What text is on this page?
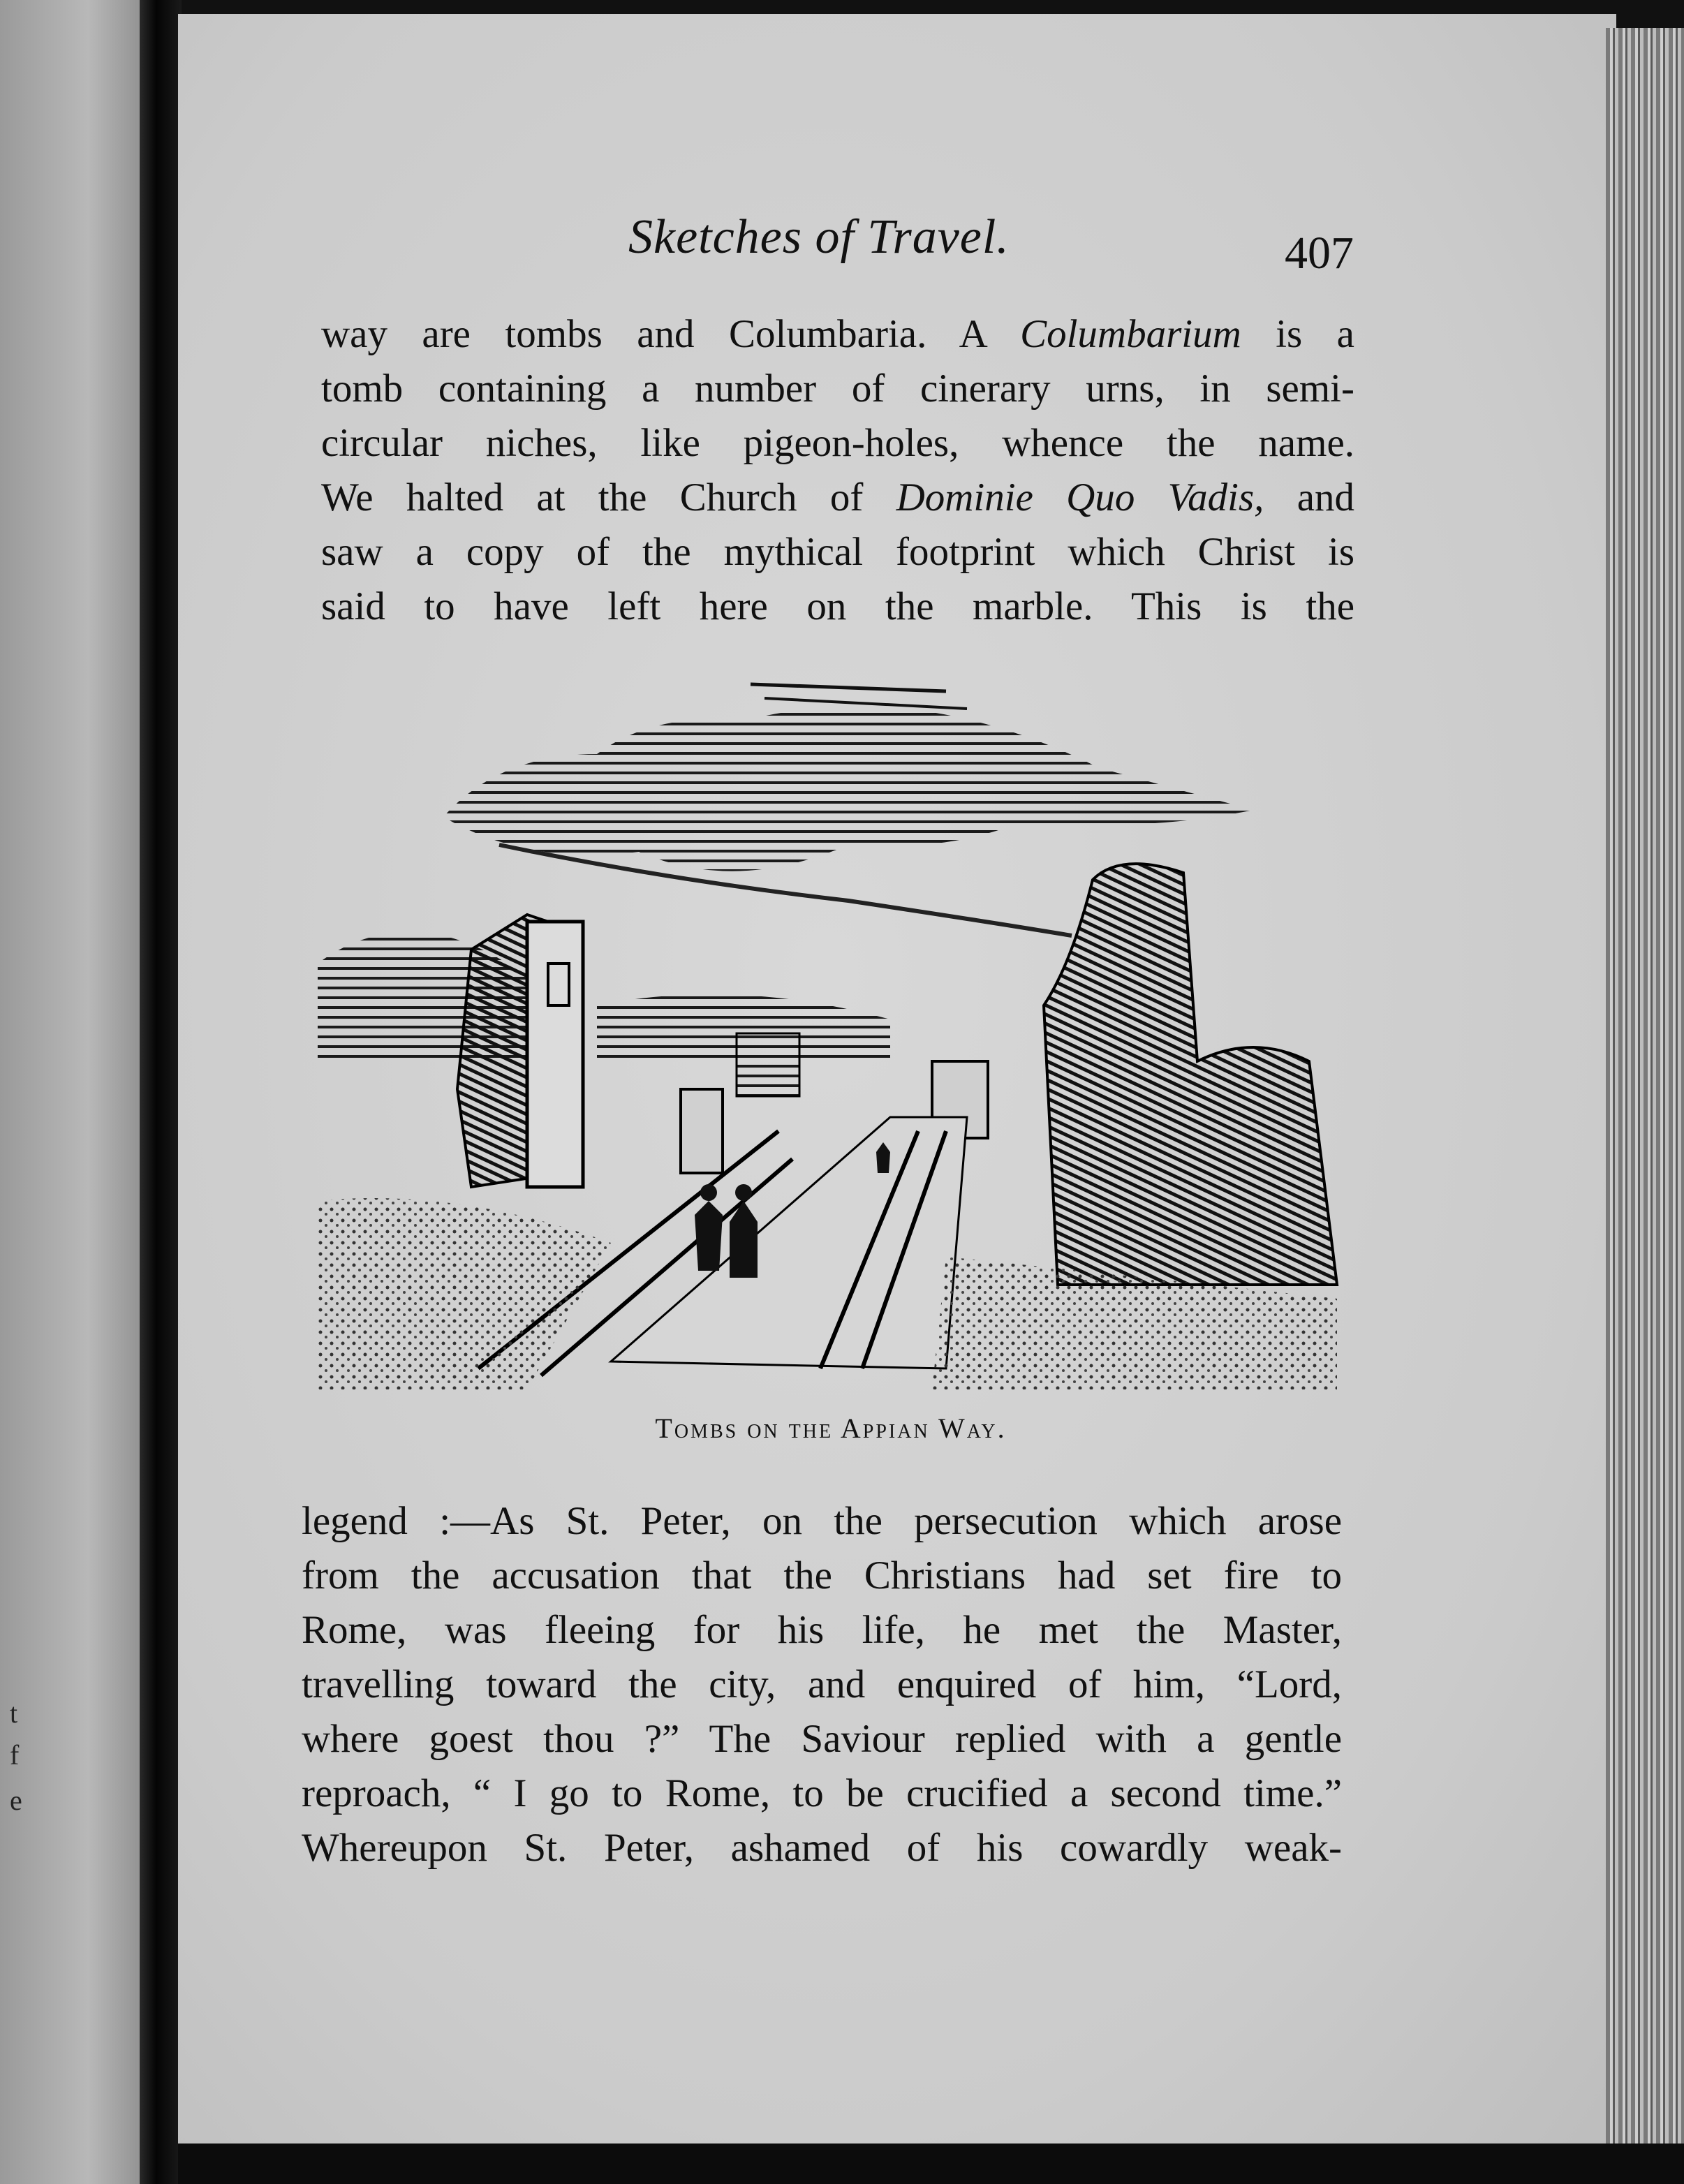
t
f
e
Sketches of Travel.	407
way are tombs and Columbaria. A Columbarium is a
tomb containing a number of cinerary urns, in semi-
circular niches, like pigeon-holes, whence the name.
We halted at the Church of Dominie Quo Vadis, and
saw a copy of the mythical footprint which Christ is
said to have left here on the marble. This is the
Tombs on the Appian Way.
legend :—As St. Peter, on the persecution which arose
from the accusation that the Christians had set fire to
Rome, was fleeing for his life, he met the Master,
travelling toward the city, and enquired of him, “Lord,
where goest thou ?” The Saviour replied with a gentle
reproach, “ I go to Rome, to be crucified a second time.”
Whereupon St. Peter, ashamed of his cowardly weak-
